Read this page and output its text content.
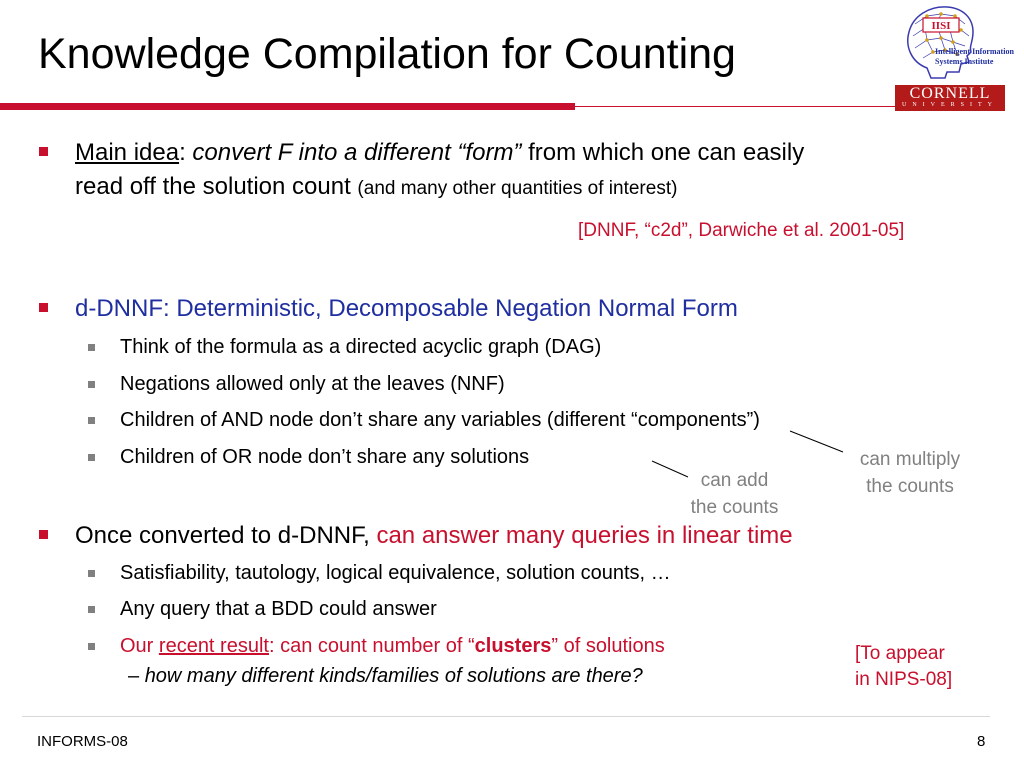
Knowledge Compilation for Counting
IISI
Intelligent Information
Systems Institute
CORNELL
UNIVERSITY
Main idea: convert F into a different “form” from which one can easily
read off the solution count (and many other quantities of interest)
[DNNF, “c2d”, Darwiche et al. 2001-05]
d-DNNF: Deterministic, Decomposable Negation Normal Form
Think of the formula as a directed acyclic graph (DAG)
Negations allowed only at the leaves (NNF)
Children of AND node don’t share any variables (different “components”)
Children of OR node don’t share any solutions	can multiply
the counts
can add
the counts
Once converted to d-DNNF, can answer many queries in linear time
Satisfiability, tautology, logical equivalence, solution counts, …
Any query that a BDD could answer
Our recent result: can count number of “clusters” of solutions
– how many different kinds/families of solutions are there?
[To appear
in NIPS-08]
INFORMS-08	8
